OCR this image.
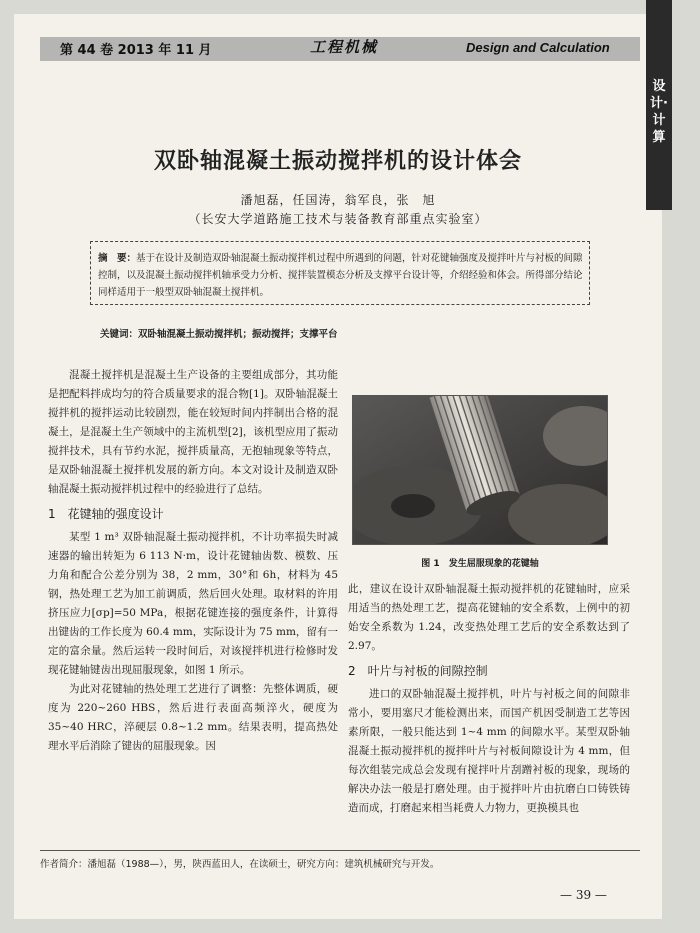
第 44 卷 2013 年 11 月	工程机械	Design and Calculation
设计·计算
双卧轴混凝土振动搅拌机的设计体会
潘旭磊，任国涛，翁军良，张　旭
（长安大学道路施工技术与装备教育部重点实验室）
摘　要：基于在设计及制造双卧轴混凝土振动搅拌机过程中所遇到的问题，针对花键轴强度及搅拌叶片与衬板的间隙控制，以及混凝土振动搅拌机轴承受力分析、搅拌装置模态分析及支撑平台设计等，介绍经验和体会。所得部分结论同样适用于一般型双卧轴混凝土搅拌机。
关键词：双卧轴混凝土振动搅拌机；振动搅拌；支撑平台

混凝土搅拌机是混凝土生产设备的主要组成部分，其功能是把配料拌成均匀的符合质量要求的混合物[1]。双卧轴混凝土搅拌机的搅拌运动比较剧烈，能在较短时间内拌制出合格的混凝土，是混凝土生产领域中的主流机型[2]，该机型应用了振动搅拌技术，具有节约水泥，搅拌质量高，无抱轴现象等特点，是双卧轴混凝土搅拌机发展的新方向。本文对设计及制造双卧轴混凝土振动搅拌机过程中的经验进行了总结。

1　花键轴的强度设计

某型 1 m³ 双卧轴混凝土振动搅拌机，不计功率损失时减速器的输出转矩为 6 113 N·m，设计花键轴齿数、模数、压力角和配合公差分别为 38，2 mm，30°和 6h，材料为 45 钢，热处理工艺为加工前调质，然后回火处理。取材料的许用挤压应力[σp]=50 MPa，根据花键连接的强度条件，计算得出键齿的工作长度为 60.4 mm，实际设计为 75 mm，留有一定的富余量。然后运转一段时间后，对该搅拌机进行检修时发现花键轴键齿出现屈服现象，如图 1 所示。

为此对花键轴的热处理工艺进行了调整：先整体调质，硬度为 220~260 HBS，然后进行表面高频淬火，硬度为 35~40 HRC，淬硬层 0.8~1.2 mm。结果表明，提高热处理水平后消除了键齿的屈服现象。因

图 1　发生屈服现象的花键轴

此，建议在设计双卧轴混凝土振动搅拌机的花键轴时，应采用适当的热处理工艺，提高花键轴的安全系数，上例中的初始安全系数为 1.24，改变热处理工艺后的安全系数达到了 2.97。

2　叶片与衬板的间隙控制

进口的双卧轴混凝土搅拌机，叶片与衬板之间的间隙非常小，要用塞尺才能检测出来，而国产机因受制造工艺等因素所限，一般只能达到 1~4 mm 的间隙水平。某型双卧轴混凝土振动搅拌机的搅拌叶片与衬板间隙设计为 4 mm，但每次组装完成总会发现有搅拌叶片刮蹭衬板的现象，现场的解决办法一般是打磨处理。由于搅拌叶片由抗磨白口铸铁铸造而成，打磨起来相当耗费人力物力，更换模具也

作者简介：潘旭磊（1988—），男，陕西蓝田人，在读硕士，研究方向：建筑机械研究与开发。
— 39 —
